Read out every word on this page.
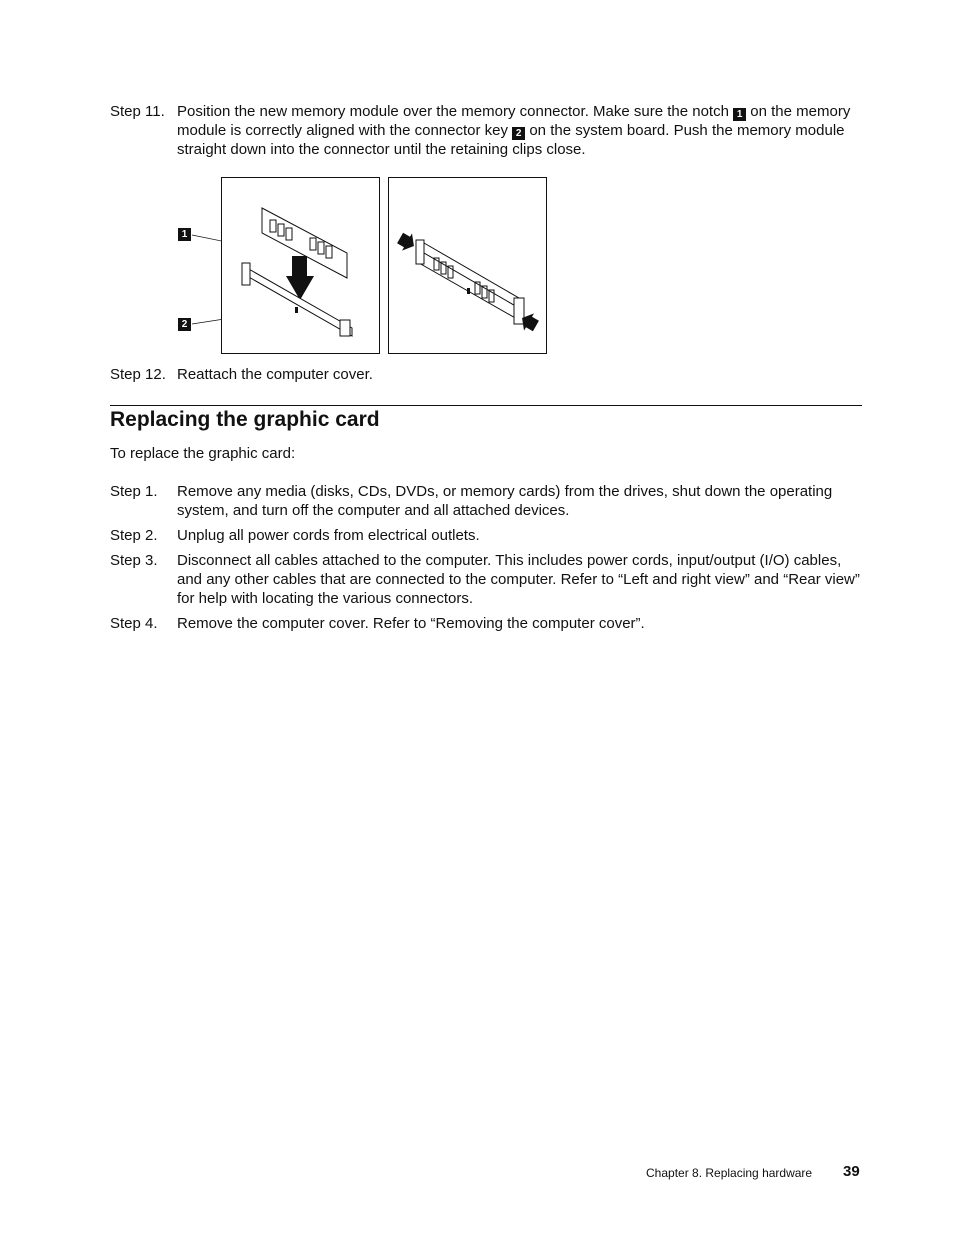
Step 11. Position the new memory module over the memory connector. Make sure the notch 1 on the memory module is correctly aligned with the connector key 2 on the system board. Push the memory module straight down into the connector until the retaining clips close.
1
2
Step 12. Reattach the computer cover.
Replacing the graphic card
To replace the graphic card:
Step 1. Remove any media (disks, CDs, DVDs, or memory cards) from the drives, shut down the operating system, and turn off the computer and all attached devices.
Step 2. Unplug all power cords from electrical outlets.
Step 3. Disconnect all cables attached to the computer. This includes power cords, input/output (I/O) cables, and any other cables that are connected to the computer. Refer to “Left and right view” and “Rear view” for help with locating the various connectors.
Step 4. Remove the computer cover. Refer to “Removing the computer cover”.
Chapter 8. Replacing hardware 39
